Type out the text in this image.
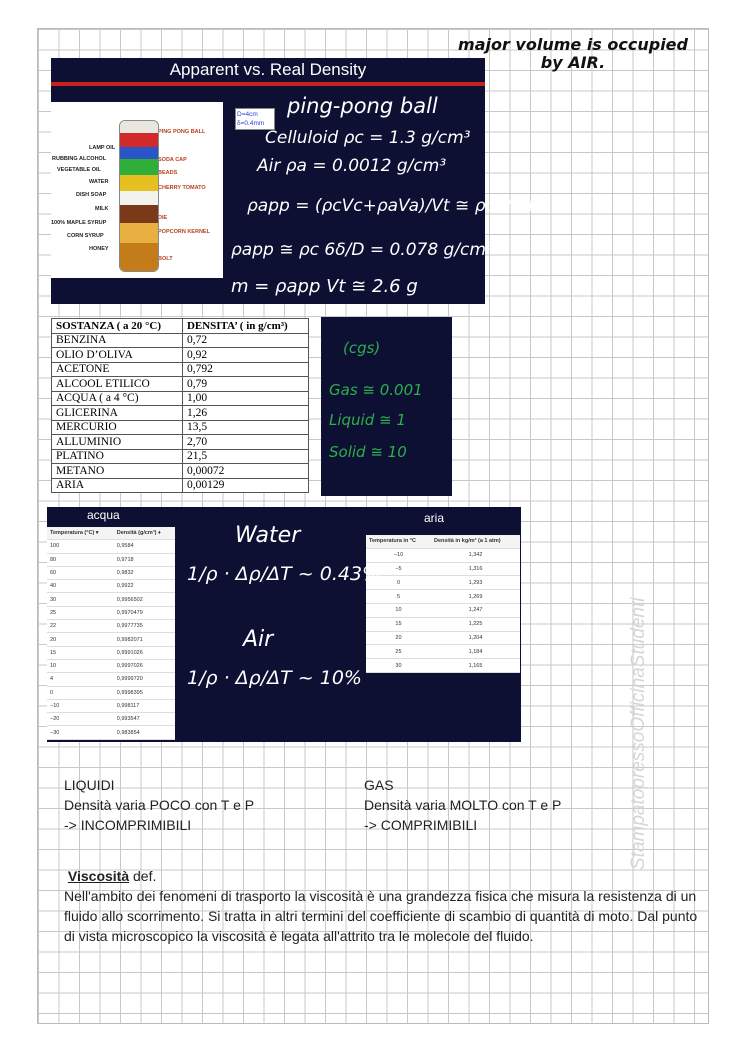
major volume is occupied
by AIR.
Apparent vs. Real Density
LAMP OIL
RUBBING ALCOHOL
VEGETABLE OIL
WATER
DISH SOAP
MILK
100% MAPLE SYRUP
CORN SYRUP
HONEY
PING PONG BALL
SODA CAP
BEADS
CHERRY TOMATO
DIE
POPCORN KERNEL
BOLT
D=4cm δ=0.4mm
ping-pong ball
Celluloid ρc = 1.3 g/cm³
Air ρa = 0.0012 g/cm³
ρapp = (ρcVc+ρaVa)/Vt ≅ ρc Vc/Vt
ρapp ≅ ρc 6δ/D = 0.078 g/cm³
m = ρapp Vt ≅ 2.6 g
SOSTANZA ( a 20 °C)	DENSITA’ ( in g/cm³)
BENZINA	0,72
OLIO D’OLIVA	0,92
ACETONE	0,792
ALCOOL ETILICO	0,79
ACQUA ( a 4 °C)	1,00
GLICERINA	1,26
MERCURIO	13,5
ALLUMINIO	2,70
PLATINO	21,5
METANO	0,00072
ARIA	0,00129
(cgs)
Gas ≅ 0.001
Liquid ≅ 1
Solid ≅ 10
acqua	aria
Temperatura (°C) ▾	Densità (g/cm³) ♦
100	0,9584
80	0,9718
60	0,9832
40	0,9922
30	0,9956502
25	0,9970479
22	0,9977735
20	0,9982071
15	0,9991026
10	0,9997026
4	0,9999720
0	0,9998395
−10	0,998117
−20	0,993547
−30	0,983854
Temperatura in °C	Densità in kg/m³ (a 1 atm)
−10	1,342
−5	1,316
0	1,293
5	1,269
10	1,247
15	1,225
20	1,204
25	1,184
30	1,165
Water
1/ρ · Δρ/ΔT ~ 0.43%
Air
1/ρ · Δρ/ΔT ~ 10%
LIQUIDI
Densità varia POCO con T e P
-> INCOMPRIMIBILI
GAS
Densità varia MOLTO con T e P
-> COMPRIMIBILI
Viscosità def.
Nell'ambito dei fenomeni di trasporto la viscosità è una grandezza fisica che misura la resistenza di un fluido allo scorrimento. Si tratta in altri termini del coefficiente di scambio di quantità di moto. Dal punto di vista microscopico la viscosità è legata all'attrito tra le molecole del fluido.
StampatopressoOfficinaStudenti
